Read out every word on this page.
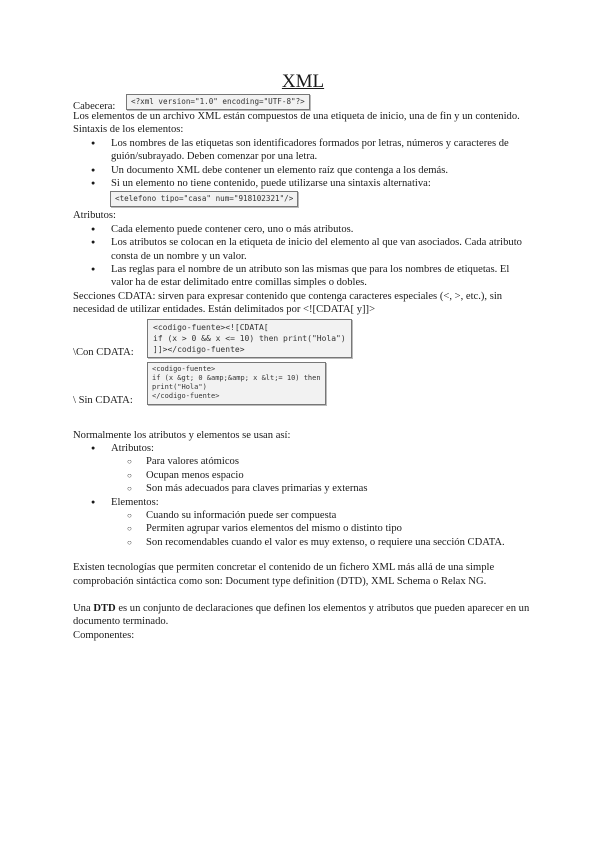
XML
Cabecera:	<?xml version="1.0" encoding="UTF-8"?>

Los elementos de un archivo XML están compuestos de una etiqueta de inicio, una de fin y un contenido.

Sintaxis de los elementos:

● Los nombres de las etiquetas son identificadores formados por letras, números y caracteres de guión/subrayado. Deben comenzar por una letra.
● Un documento XML debe contener un elemento raíz que contenga a los demás.
● Si un elemento no tiene contenido, puede utilizarse una sintaxis alternativa:
<telefono tipo="casa" num="918102321"/>

Atributos:

● Cada elemento puede contener cero, uno o más atributos.
● Los atributos se colocan en la etiqueta de inicio del elemento al que van asociados. Cada atributo consta de un nombre y un valor.
● Las reglas para el nombre de un atributo son las mismas que para los nombres de etiquetas. El valor ha de estar delimitado entre comillas simples o dobles.

Secciones CDATA: sirven para expresar contenido que contenga caracteres especiales (<, >, etc.), sin necesidad de utilizar entidades. Están delimitados por <![CDATA[ y]]>

\Con CDATA:
<codigo-fuente><![CDATA[
if (x > 0 && x <= 10) then print("Hola")
]]></codigo-fuente>
\ Sin CDATA:
<codigo-fuente>
if (x &gt; 0 &amp;&amp; x &lt;= 10) then
print("Hola")
</codigo-fuente>

Normalmente los atributos y elementos se usan así:

● Atributos:
○ Para valores atómicos
○ Ocupan menos espacio
○ Son más adecuados para claves primarias y externas
● Elementos:
○ Cuando su información puede ser compuesta
○ Permiten agrupar varios elementos del mismo o distinto tipo
○ Son recomendables cuando el valor es muy extenso, o requiere una sección CDATA.

Existen tecnologías que permiten concretar el contenido de un fichero XML más allá de una simple comprobación sintáctica como son: Document type definition (DTD), XML Schema o Relax NG.

Una DTD es un conjunto de declaraciones que definen los elementos y atributos que pueden aparecer en un documento terminado.

Componentes:
